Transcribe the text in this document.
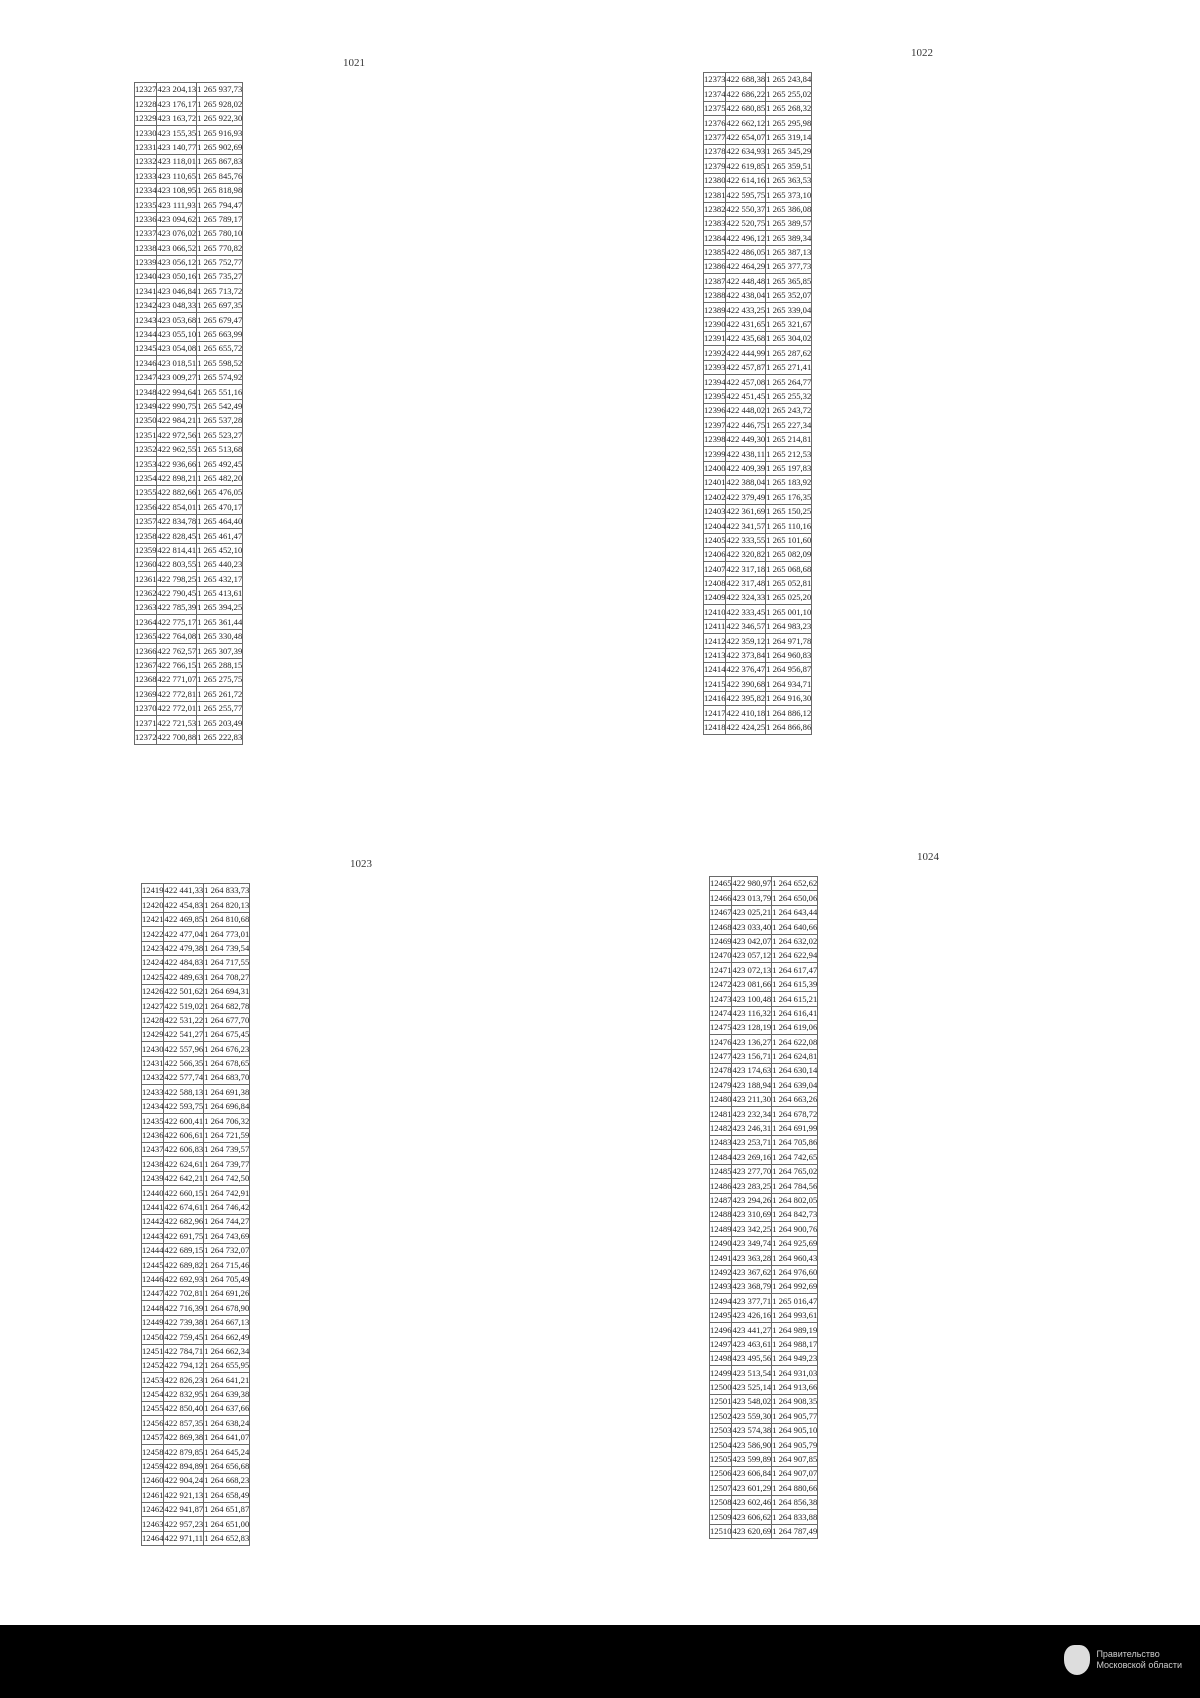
1021
12327	423 204,13	1 265 937,73
12328	423 176,17	1 265 928,02
12329	423 163,72	1 265 922,30
12330	423 155,35	1 265 916,93
12331	423 140,77	1 265 902,69
12332	423 118,01	1 265 867,83
12333	423 110,65	1 265 845,76
12334	423 108,95	1 265 818,98
12335	423 111,93	1 265 794,47
12336	423 094,62	1 265 789,17
12337	423 076,02	1 265 780,10
12338	423 066,52	1 265 770,82
12339	423 056,12	1 265 752,77
12340	423 050,16	1 265 735,27
12341	423 046,84	1 265 713,72
12342	423 048,33	1 265 697,35
12343	423 053,68	1 265 679,47
12344	423 055,10	1 265 663,99
12345	423 054,08	1 265 655,72
12346	423 018,51	1 265 598,52
12347	423 009,27	1 265 574,92
12348	422 994,64	1 265 551,16
12349	422 990,75	1 265 542,49
12350	422 984,21	1 265 537,28
12351	422 972,56	1 265 523,27
12352	422 962,55	1 265 513,68
12353	422 936,66	1 265 492,45
12354	422 898,21	1 265 482,20
12355	422 882,66	1 265 476,05
12356	422 854,01	1 265 470,17
12357	422 834,78	1 265 464,40
12358	422 828,45	1 265 461,47
12359	422 814,41	1 265 452,10
12360	422 803,55	1 265 440,23
12361	422 798,25	1 265 432,17
12362	422 790,45	1 265 413,61
12363	422 785,39	1 265 394,25
12364	422 775,17	1 265 361,44
12365	422 764,08	1 265 330,48
12366	422 762,57	1 265 307,39
12367	422 766,15	1 265 288,15
12368	422 771,07	1 265 275,75
12369	422 772,81	1 265 261,72
12370	422 772,01	1 265 255,77
12371	422 721,53	1 265 203,49
12372	422 700,88	1 265 222,83
1022
12373	422 688,38	1 265 243,84
12374	422 686,22	1 265 255,02
12375	422 680,85	1 265 268,32
12376	422 662,12	1 265 295,98
12377	422 654,07	1 265 319,14
12378	422 634,93	1 265 345,29
12379	422 619,85	1 265 359,51
12380	422 614,16	1 265 363,53
12381	422 595,75	1 265 373,10
12382	422 550,37	1 265 386,08
12383	422 520,75	1 265 389,57
12384	422 496,12	1 265 389,34
12385	422 486,05	1 265 387,13
12386	422 464,29	1 265 377,73
12387	422 448,48	1 265 365,85
12388	422 438,04	1 265 352,07
12389	422 433,25	1 265 339,04
12390	422 431,65	1 265 321,67
12391	422 435,68	1 265 304,02
12392	422 444,99	1 265 287,62
12393	422 457,87	1 265 271,41
12394	422 457,08	1 265 264,77
12395	422 451,45	1 265 255,32
12396	422 448,02	1 265 243,72
12397	422 446,75	1 265 227,34
12398	422 449,30	1 265 214,81
12399	422 438,11	1 265 212,53
12400	422 409,39	1 265 197,83
12401	422 388,04	1 265 183,92
12402	422 379,49	1 265 176,35
12403	422 361,69	1 265 150,25
12404	422 341,57	1 265 110,16
12405	422 333,55	1 265 101,60
12406	422 320,82	1 265 082,09
12407	422 317,18	1 265 068,68
12408	422 317,48	1 265 052,81
12409	422 324,33	1 265 025,20
12410	422 333,45	1 265 001,10
12411	422 346,57	1 264 983,23
12412	422 359,12	1 264 971,78
12413	422 373,84	1 264 960,83
12414	422 376,47	1 264 956,87
12415	422 390,68	1 264 934,71
12416	422 395,82	1 264 916,30
12417	422 410,18	1 264 886,12
12418	422 424,25	1 264 866,86
1023
12419	422 441,33	1 264 833,73
12420	422 454,83	1 264 820,13
12421	422 469,85	1 264 810,68
12422	422 477,04	1 264 773,01
12423	422 479,38	1 264 739,54
12424	422 484,83	1 264 717,55
12425	422 489,63	1 264 708,27
12426	422 501,62	1 264 694,31
12427	422 519,02	1 264 682,78
12428	422 531,22	1 264 677,70
12429	422 541,27	1 264 675,45
12430	422 557,96	1 264 676,23
12431	422 566,35	1 264 678,65
12432	422 577,74	1 264 683,70
12433	422 588,13	1 264 691,38
12434	422 593,75	1 264 696,84
12435	422 600,41	1 264 706,32
12436	422 606,61	1 264 721,59
12437	422 606,83	1 264 739,57
12438	422 624,61	1 264 739,77
12439	422 642,21	1 264 742,50
12440	422 660,15	1 264 742,91
12441	422 674,61	1 264 746,42
12442	422 682,96	1 264 744,27
12443	422 691,75	1 264 743,69
12444	422 689,15	1 264 732,07
12445	422 689,82	1 264 715,46
12446	422 692,93	1 264 705,49
12447	422 702,81	1 264 691,26
12448	422 716,39	1 264 678,90
12449	422 739,38	1 264 667,13
12450	422 759,45	1 264 662,49
12451	422 784,71	1 264 662,34
12452	422 794,12	1 264 655,95
12453	422 826,23	1 264 641,21
12454	422 832,95	1 264 639,38
12455	422 850,40	1 264 637,66
12456	422 857,35	1 264 638,24
12457	422 869,38	1 264 641,07
12458	422 879,85	1 264 645,24
12459	422 894,89	1 264 656,68
12460	422 904,24	1 264 668,23
12461	422 921,13	1 264 658,49
12462	422 941,87	1 264 651,87
12463	422 957,23	1 264 651,00
12464	422 971,11	1 264 652,83
1024
12465	422 980,97	1 264 652,62
12466	423 013,79	1 264 650,06
12467	423 025,21	1 264 643,44
12468	423 033,40	1 264 640,66
12469	423 042,07	1 264 632,02
12470	423 057,12	1 264 622,94
12471	423 072,13	1 264 617,47
12472	423 081,66	1 264 615,39
12473	423 100,48	1 264 615,21
12474	423 116,32	1 264 616,41
12475	423 128,19	1 264 619,06
12476	423 136,27	1 264 622,08
12477	423 156,71	1 264 624,81
12478	423 174,63	1 264 630,14
12479	423 188,94	1 264 639,04
12480	423 211,30	1 264 663,26
12481	423 232,34	1 264 678,72
12482	423 246,31	1 264 691,99
12483	423 253,71	1 264 705,86
12484	423 269,16	1 264 742,65
12485	423 277,70	1 264 765,02
12486	423 283,25	1 264 784,56
12487	423 294,26	1 264 802,05
12488	423 310,69	1 264 842,73
12489	423 342,25	1 264 900,76
12490	423 349,74	1 264 925,69
12491	423 363,28	1 264 960,43
12492	423 367,62	1 264 976,60
12493	423 368,79	1 264 992,69
12494	423 377,71	1 265 016,47
12495	423 426,16	1 264 993,61
12496	423 441,27	1 264 989,19
12497	423 463,61	1 264 988,17
12498	423 495,56	1 264 949,23
12499	423 513,54	1 264 931,03
12500	423 525,14	1 264 913,66
12501	423 548,02	1 264 908,35
12502	423 559,30	1 264 905,77
12503	423 574,38	1 264 905,10
12504	423 586,90	1 264 905,79
12505	423 599,89	1 264 907,85
12506	423 606,84	1 264 907,07
12507	423 601,29	1 264 880,66
12508	423 602,46	1 264 856,38
12509	423 606,62	1 264 833,88
12510	423 620,69	1 264 787,49
Правительство
Московской области
